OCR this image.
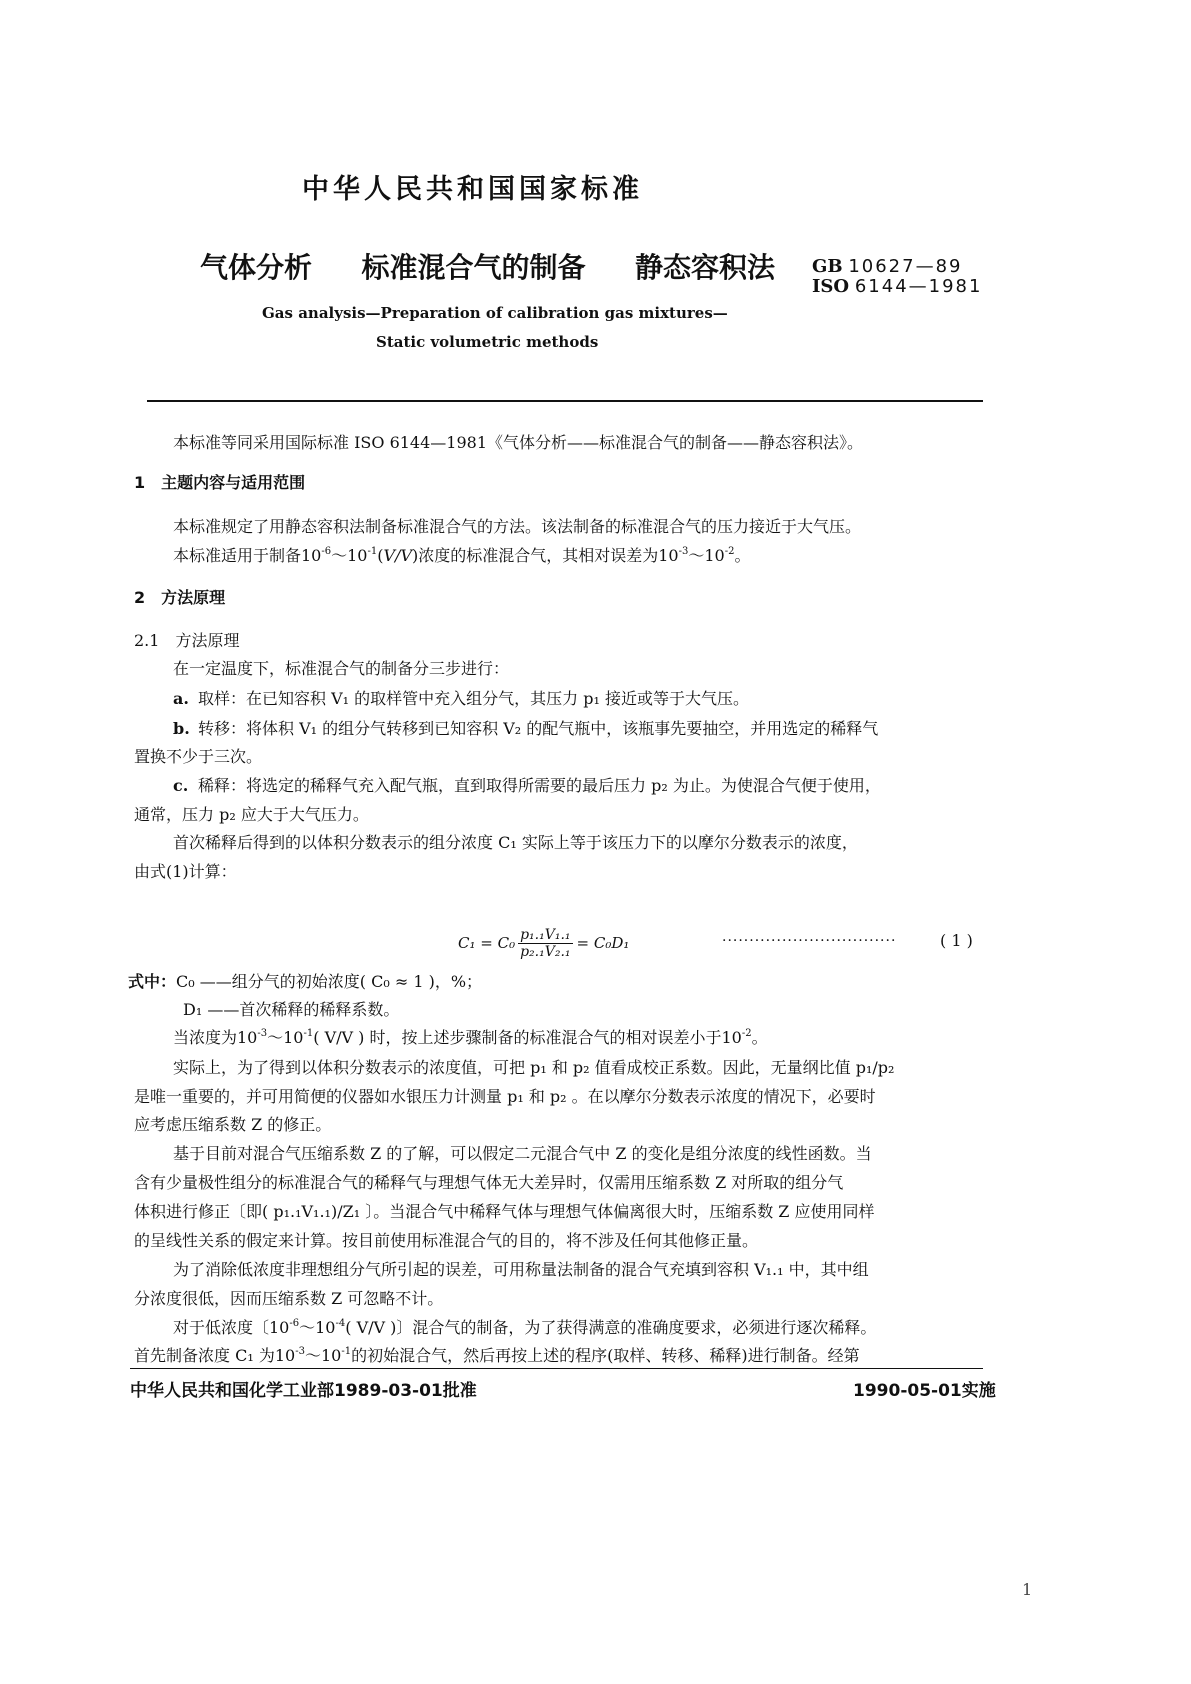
中华人民共和国国家标准
气体分析 标准混合气的制备 静态容积法 GB 10627—89
ISO 6144—1981
Gas analysis—Preparation of calibration gas mixtures—
Static volumetric methods
本标准等同采用国际标准 ISO 6144—1981《气体分析——标准混合气的制备——静态容积法》。
1　主题内容与适用范围
本标准规定了用静态容积法制备标准混合气的方法。该法制备的标准混合气的压力接近于大气压。
本标准适用于制备$10^{-6}\sim 10^{-1}(V/V)$浓度的标准混合气，其相对误差为$10^{-3}\sim 10^{-2}$。
2　方法原理
2.1　方法原理
在一定温度下，标准混合气的制备分三步进行：
a. 取样：在已知容积 V₁ 的取样管中充入组分气，其压力 p₁ 接近或等于大气压。
b. 转移：将体积 V₁ 的组分气转移到已知容积 V₂ 的配气瓶中，该瓶事先要抽空，并用选定的稀释气
置换不少于三次。
c. 稀释：将选定的稀释气充入配气瓶，直到取得所需要的最后压力 p₂ 为止。为使混合气便于使用，
通常，压力 p₂ 应大于大气压力。
首次稀释后得到的以体积分数表示的组分浓度 C₁ 实际上等于该压力下的以摩尔分数表示的浓度，
由式(1)计算：
$C_1 = C_0 \frac{\text{p₁.₁V₁.₁}}{\text{p₂.₁V₂.₁}} = C_0D_1$	································	( 1 )
式中：C₀ ——组分气的初始浓度( C₀ ≈ 1 )，%；
D₁ ——首次稀释的稀释系数。
当浓度为$10^{-3}\sim 10^{-1}$( V/V ) 时，按上述步骤制备的标准混合气的相对误差小于$10^{-2}$。
实际上，为了得到以体积分数表示的浓度值，可把 p₁ 和 p₂ 值看成校正系数。因此，无量纲比值 p₁/p₂
是唯一重要的，并可用简便的仪器如水银压力计测量 p₁ 和 p₂ 。在以摩尔分数表示浓度的情况下，必要时
应考虑压缩系数 Z 的修正。
基于目前对混合气压缩系数 Z 的了解，可以假定二元混合气中 Z 的变化是组分浓度的线性函数。当
含有少量极性组分的标准混合气的稀释气与理想气体无大差异时，仅需用压缩系数 Z 对所取的组分气
体积进行修正〔即( p₁.₁V₁.₁)/Z₁ 〕。当混合气中稀释气体与理想气体偏离很大时，压缩系数 Z 应使用同样
的呈线性关系的假定来计算。按目前使用标准混合气的目的，将不涉及任何其他修正量。
为了消除低浓度非理想组分气所引起的误差，可用称量法制备的混合气充填到容积 V₁.₁ 中，其中组
分浓度很低，因而压缩系数 Z 可忽略不计。
对于低浓度〔$10^{-6}\sim 10^{-4}$( V/V )〕混合气的制备，为了获得满意的准确度要求，必须进行逐次稀释。
首先制备浓度 C₁ 为$10^{-3}\sim 10^{-1}$的初始混合气，然后再按上述的程序(取样、转移、稀释)进行制备。经第
中华人民共和国化学工业部1989-03-01批准	1990-05-01实施
1
